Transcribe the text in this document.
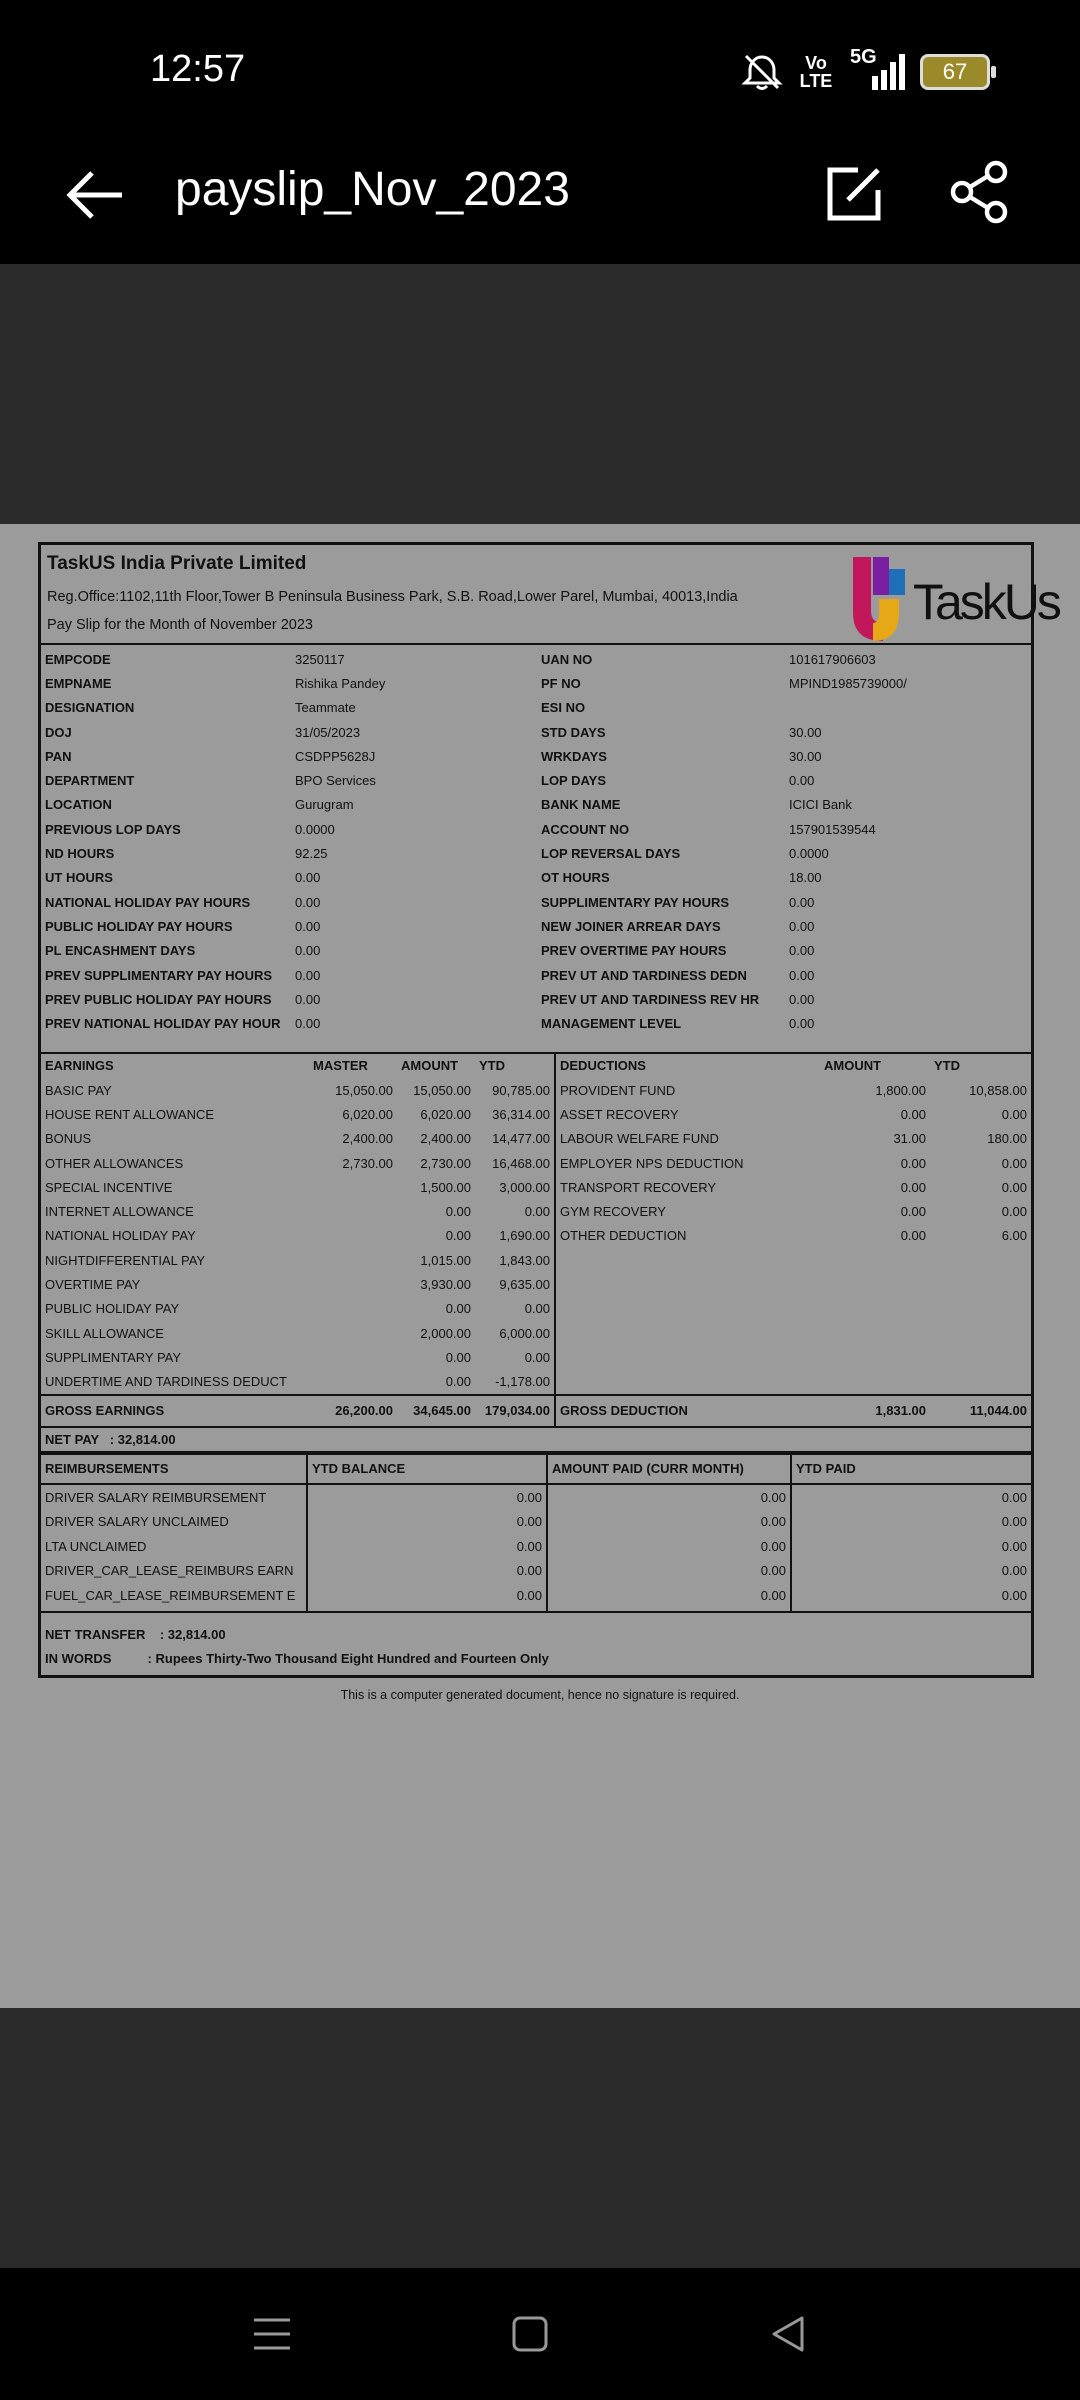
12:57	Vo LTE
5G
67
payslip_Nov_2023
TaskUS India Private Limited
Reg.Office:1102,11th Floor,Tower B Peninsula Business Park, S.B. Road,Lower Parel, Mumbai, 40013,India
Pay Slip for the Month of November 2023	TaskUs
EMPCODE	3250117	UAN NO	101617906603
EMPNAME	Rishika Pandey	PF NO	MPIND1985739000/
DESIGNATION	Teammate	ESI NO	
DOJ	31/05/2023	STD DAYS	30.00
PAN	CSDPP5628J	WRKDAYS	30.00
DEPARTMENT	BPO Services	LOP DAYS	0.00
LOCATION	Gurugram	BANK NAME	ICICI Bank
PREVIOUS LOP DAYS	0.0000	ACCOUNT NO	157901539544
ND HOURS	92.25	LOP REVERSAL DAYS	0.0000
UT HOURS	0.00	OT HOURS	18.00
NATIONAL HOLIDAY PAY HOURS	0.00	SUPPLIMENTARY PAY HOURS	0.00
PUBLIC HOLIDAY PAY HOURS	0.00	NEW JOINER ARREAR DAYS	0.00
PL ENCASHMENT DAYS	0.00	PREV OVERTIME PAY HOURS	0.00
PREV SUPPLIMENTARY PAY HOURS	0.00	PREV UT AND TARDINESS DEDN	0.00
PREV PUBLIC HOLIDAY PAY HOURS	0.00	PREV UT AND TARDINESS REV HR	0.00
PREV NATIONAL HOLIDAY PAY HOUR	0.00	MANAGEMENT LEVEL	0.00
EARNINGS	MASTER	AMOUNT	YTD	DEDUCTIONS	AMOUNT	YTD
BASIC PAY	15,050.00	15,050.00	90,785.00	PROVIDENT FUND	1,800.00	10,858.00
HOUSE RENT ALLOWANCE	6,020.00	6,020.00	36,314.00	ASSET RECOVERY	0.00	0.00
BONUS	2,400.00	2,400.00	14,477.00	LABOUR WELFARE FUND	31.00	180.00
OTHER ALLOWANCES	2,730.00	2,730.00	16,468.00	EMPLOYER NPS DEDUCTION	0.00	0.00
SPECIAL INCENTIVE		1,500.00	3,000.00	TRANSPORT RECOVERY	0.00	0.00
INTERNET ALLOWANCE		0.00	0.00	GYM RECOVERY	0.00	0.00
NATIONAL HOLIDAY PAY		0.00	1,690.00	OTHER DEDUCTION	0.00	6.00
NIGHTDIFFERENTIAL PAY		1,015.00	1,843.00			
OVERTIME PAY		3,930.00	9,635.00			
PUBLIC HOLIDAY PAY		0.00	0.00			
SKILL ALLOWANCE		2,000.00	6,000.00			
SUPPLIMENTARY PAY		0.00	0.00			
UNDERTIME AND TARDINESS DEDUCT		0.00	-1,178.00			
GROSS EARNINGS	26,200.00	34,645.00	179,034.00	GROSS DEDUCTION	1,831.00	11,044.00
NET PAY   : 32,814.00
REIMBURSEMENTS	YTD BALANCE	AMOUNT PAID (CURR MONTH)	YTD PAID
DRIVER SALARY REIMBURSEMENT	0.00	0.00	0.00
DRIVER SALARY UNCLAIMED	0.00	0.00	0.00
LTA UNCLAIMED	0.00	0.00	0.00
DRIVER_CAR_LEASE_REIMBURS EARN	0.00	0.00	0.00
FUEL_CAR_LEASE_REIMBURSEMENT E	0.00	0.00	0.00
NET TRANSFER    : 32,814.00
IN WORDS          : Rupees Thirty-Two Thousand Eight Hundred and Fourteen Only
This is a computer generated document, hence no signature is required.
